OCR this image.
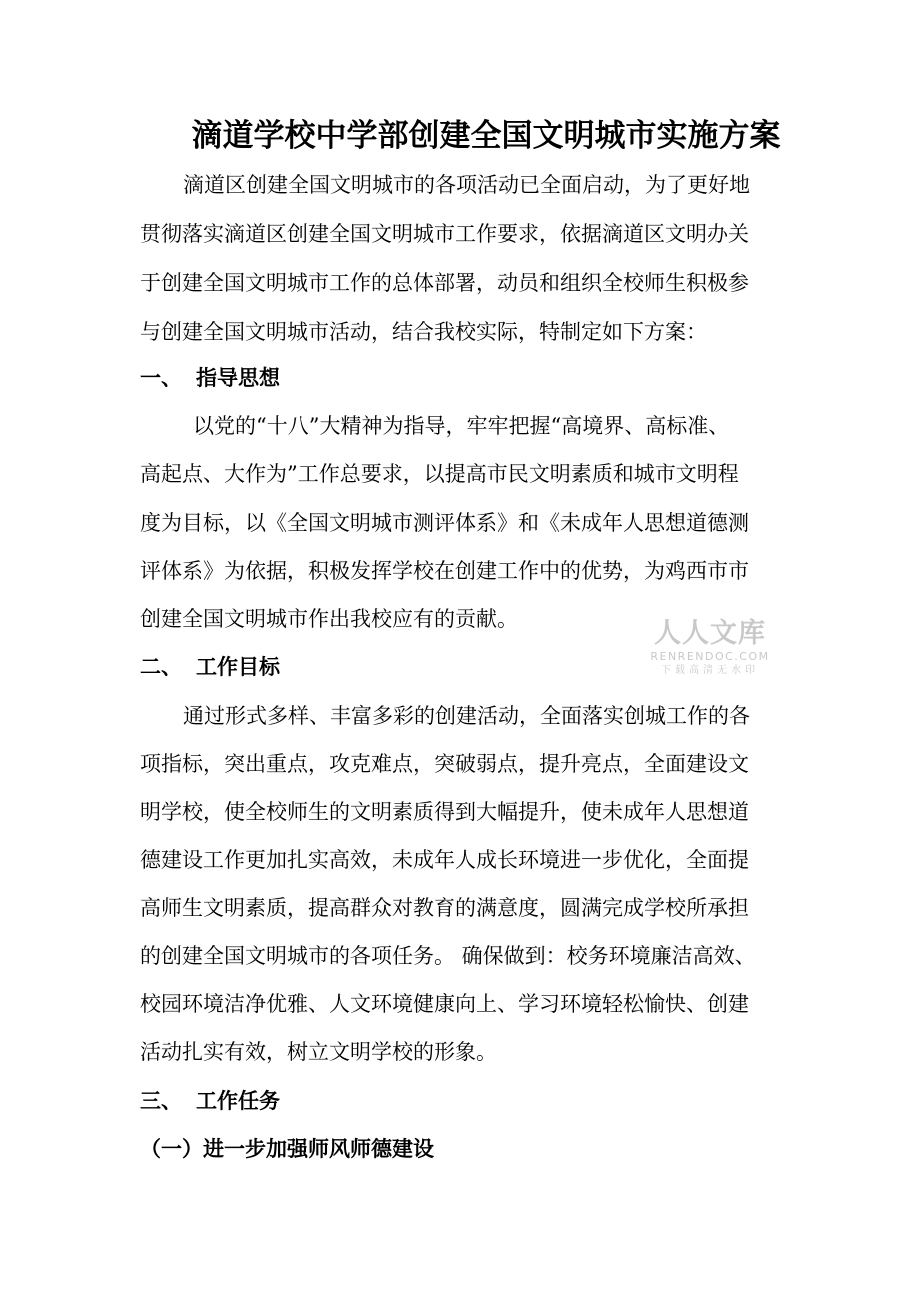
滴道学校中学部创建全国文明城市实施方案

滴道区创建全国文明城市的各项活动已全面启动，为了更好地

贯彻落实滴道区创建全国文明城市工作要求，依据滴道区文明办关

于创建全国文明城市工作的总体部署，动员和组织全校师生积极参

与创建全国文明城市活动，结合我校实际，特制定如下方案：

一、 指导思想

以党的“十八”大精神为指导，牢牢把握“高境界、高标准、

高起点、大作为”工作总要求，以提高市民文明素质和城市文明程

度为目标，以《全国文明城市测评体系》和《未成年人思想道德测

评体系》为依据，积极发挥学校在创建工作中的优势，为鸡西市市

创建全国文明城市作出我校应有的贡献。

二、 工作目标

通过形式多样、丰富多彩的创建活动，全面落实创城工作的各

项指标，突出重点，攻克难点，突破弱点，提升亮点，全面建设文

明学校，使全校师生的文明素质得到大幅提升，使未成年人思想道

德建设工作更加扎实高效，未成年人成长环境进一步优化，全面提

高师生文明素质，提高群众对教育的满意度，圆满完成学校所承担

的创建全国文明城市的各项任务。 确保做到：校务环境廉洁高效、

校园环境洁净优雅、人文环境健康向上、学习环境轻松愉快、创建

活动扎实有效，树立文明学校的形象。

三、 工作任务

（一）进一步加强师风师德建设

人人文库
RENRENDOC.COM
下载高清无水印
